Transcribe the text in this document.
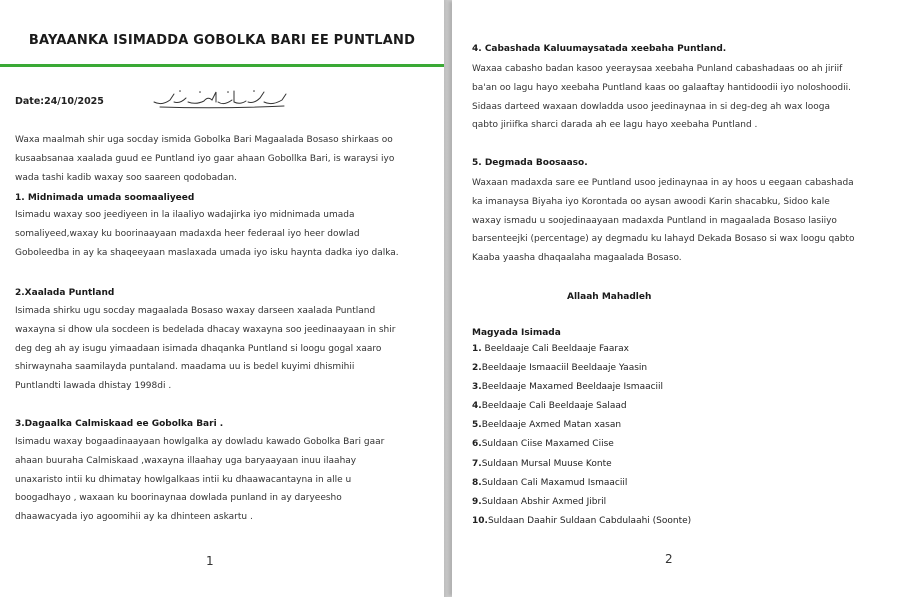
BAYAANKA ISIMADDA GOBOLKA BARI EE PUNTLAND
Date:24/10/2025
Waxa maalmah shir uga socday ismida Gobolka Bari Magaalada Bosaso shirkaas oo
kusaabsanaa xaalada guud ee Puntland iyo gaar ahaan Gobollka Bari, is waraysi iyo
wada tashi kadib waxay soo saareen qodobadan.
1. Midnimada umada soomaaliyeed
Isimadu waxay soo jeediyeen in la ilaaliyo wadajirka iyo midnimada umada
somaliyeed,waxay ku boorinaayaan madaxda heer federaal iyo heer dowlad
Goboleedba in ay ka shaqeeyaan maslaxada umada iyo isku haynta dadka iyo dalka.
2.Xaalada Puntland
Isimada shirku ugu socday magaalada Bosaso waxay darseen xaalada Puntland
waxayna si dhow ula socdeen is bedelada dhacay waxayna soo jeedinaayaan in shir
deg deg ah ay isugu yimaadaan isimada dhaqanka Puntland si loogu gogal xaaro
shirwaynaha saamilayda puntaland. maadama uu is bedel kuyimi dhismihii
Puntlandti lawada dhistay 1998di .
3.Dagaalka Calmiskaad ee Gobolka Bari .
Isimadu waxay bogaadinaayaan howlgalka ay dowladu kawado Gobolka Bari gaar
ahaan buuraha Calmiskaad ,waxayna illaahay uga baryaayaan inuu ilaahay
unaxaristo intii ku dhimatay howlgalkaas intii ku dhaawacantayna in alle u
boogadhayo , waxaan ku boorinaynaa dowlada punland in ay daryeesho
dhaawacyada iyo agoomihii ay ka dhinteen askartu .
1
4. Cabashada Kaluumaysatada xeebaha Puntland.
Waxaa cabasho badan kasoo yeeraysaa xeebaha Punland cabashadaas oo ah jiriif
ba'an oo lagu hayo xeebaha Puntland kaas oo galaaftay hantidoodii iyo noloshoodii.
Sidaas darteed waxaan dowladda usoo jeedinaynaa in si deg-deg ah wax looga
qabto jiriifka sharci darada ah ee lagu hayo xeebaha Puntland .
5. Degmada Boosaaso.
Waxaan madaxda sare ee Puntland usoo jedinaynaa in ay hoos u eegaan cabashada
ka imanaysa Biyaha iyo Korontada oo aysan awoodi Karin shacabku, Sidoo kale
waxay ismadu u soojedinaayaan madaxda Puntland in magaalada Bosaso lasiiyo
barsenteejki (percentage) ay degmadu ku lahayd Dekada Bosaso si wax loogu qabto
Kaaba yaasha dhaqaalaha magaalada Bosaso.
Allaah Mahadleh
Magyada Isimada
1. Beeldaaje Cali Beeldaaje Faarax
2.Beeldaaje Ismaaciil Beeldaaje Yaasin
3.Beeldaaje Maxamed Beeldaaje Ismaaciil
4.Beeldaaje Cali Beeldaaje Salaad
5.Beeldaaje Axmed Matan xasan
6.Suldaan Ciise Maxamed Ciise
7.Suldaan Mursal Muuse Konte
8.Suldaan Cali Maxamud Ismaaciil
9.Suldaan Abshir Axmed Jibril
10.Suldaan Daahir Suldaan Cabdulaahi (Soonte)
2
